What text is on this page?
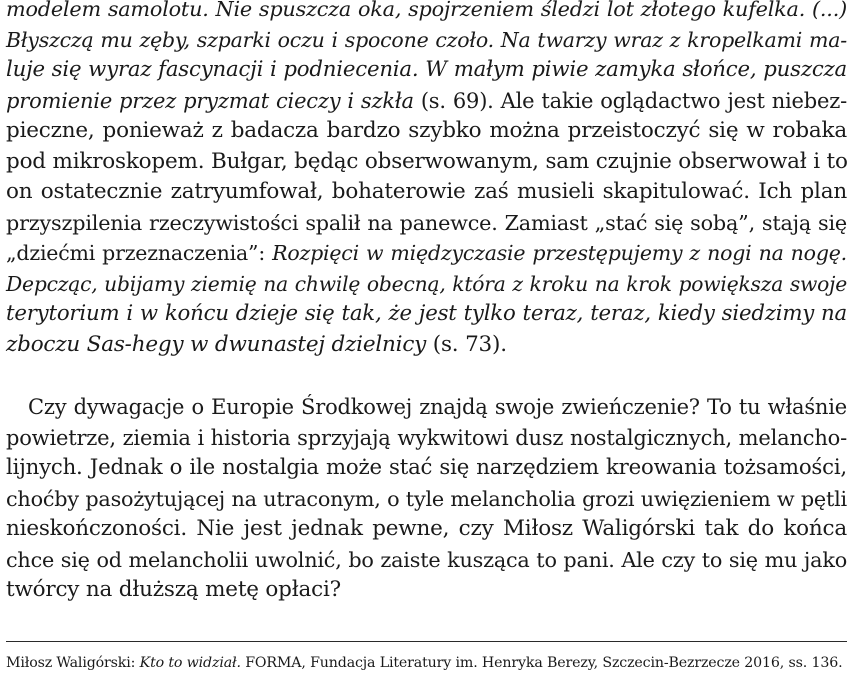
modelem samolotu. Nie spuszcza oka, spojrzeniem śledzi lot złotego kufelka. (...)
Błyszczą mu zęby, szparki oczu i spocone czoło. Na twarzy wraz z kropelkami ma-
luje się wyraz fascynacji i podniecenia. W małym piwie zamyka słońce, puszcza
promienie przez pryzmat cieczy i szkła (s. 69). Ale takie oglądactwo jest niebez-
pieczne, ponieważ z badacza bardzo szybko można przeistoczyć się w robaka
pod mikroskopem. Bułgar, będąc obserwowanym, sam czujnie obserwował i to
on ostatecznie zatryumfował, bohaterowie zaś musieli skapitulować. Ich plan
przyszpilenia rzeczywistości spalił na panewce. Zamiast „stać się sobą”, stają się
„dziećmi przeznaczenia”: Rozpięci w międzyczasie przestępujemy z nogi na nogę.
Depcząc, ubijamy ziemię na chwilę obecną, która z kroku na krok powiększa swoje
terytorium i w końcu dzieje się tak, że jest tylko teraz, teraz, kiedy siedzimy na
zboczu Sas-hegy w dwunastej dzielnicy (s. 73).
Czy dywagacje o Europie Środkowej znajdą swoje zwieńczenie? To tu właśnie
powietrze, ziemia i historia sprzyjają wykwitowi dusz nostalgicznych, melancho-
lijnych. Jednak o ile nostalgia może stać się narzędziem kreowania tożsamości,
choćby pasożytującej na utraconym, o tyle melancholia grozi uwięzieniem w pętli
nieskończoności. Nie jest jednak pewne, czy Miłosz Waligórski tak do końca
chce się od melancholii uwolnić, bo zaiste kusząca to pani. Ale czy to się mu jako
twórcy na dłuższą metę opłaci?
Miłosz Waligórski: Kto to widział. FORMA, Fundacja Literatury im. Henryka Berezy, Szczecin-Bezrzecze 2016, ss. 136.
